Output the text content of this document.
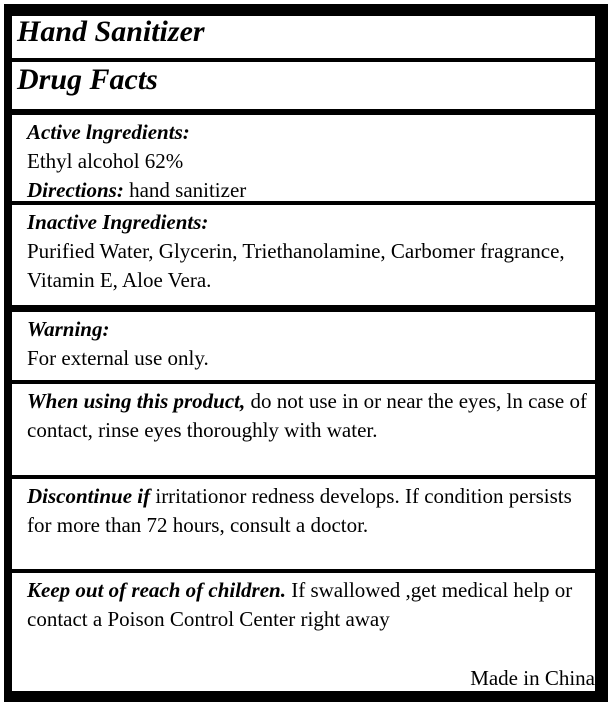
Hand Sanitizer
Drug Facts
Active lngredients:
Ethyl alcohol 62%
Directions: hand sanitizer
Inactive Ingredients:
Purified Water, Glycerin, Triethanolamine, Carbomer fragrance, Vitamin E, Aloe Vera.
Warning:
For external use only.
When using this product, do not use in or near the eyes, ln case of contact, rinse eyes thoroughly with water.
Discontinue if irritationor redness develops. If condition persists for more than 72 hours, consult a doctor.
Keep out of reach of children. If swallowed ,get medical help or contact a Poison Control Center right away
Made in China
